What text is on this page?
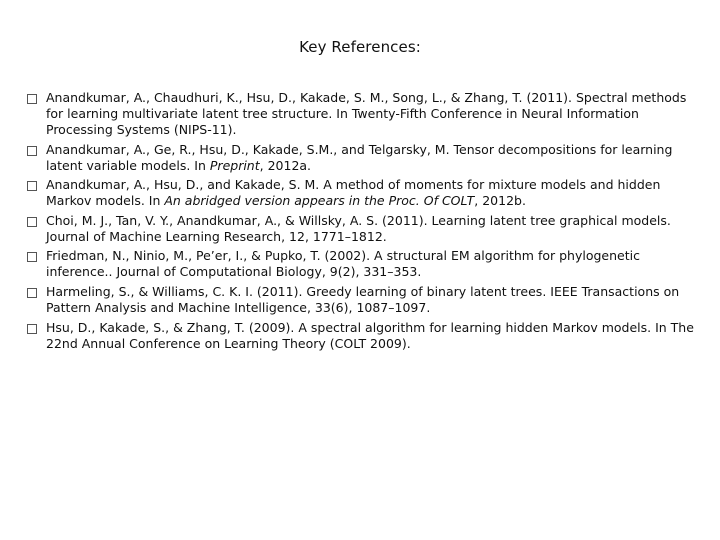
Key References:
Anandkumar, A., Chaudhuri, K., Hsu, D., Kakade, S. M., Song, L., & Zhang, T. (2011). Spectral methods for learning multivariate latent tree structure. In Twenty-Fifth Conference in Neural Information Processing Systems (NIPS-11).
Anandkumar, A., Ge, R., Hsu, D., Kakade, S.M., and Telgarsky, M. Tensor decompositions for learning latent variable models. In Preprint, 2012a.
Anandkumar, A., Hsu, D., and Kakade, S. M. A method of moments for mixture models and hidden Markov models. In An abridged version appears in the Proc. Of COLT, 2012b.
Choi, M. J., Tan, V. Y., Anandkumar, A., & Willsky, A. S. (2011). Learning latent tree graphical models. Journal of Machine Learning Research, 12, 1771–1812.
Friedman, N., Ninio, M., Pe’er, I., & Pupko, T. (2002). A structural EM algorithm for phylogenetic inference.. Journal of Computational Biology, 9(2), 331–353.
Harmeling, S., & Williams, C. K. I. (2011). Greedy learning of binary latent trees. IEEE Transactions on Pattern Analysis and Machine Intelligence, 33(6), 1087–1097.
Hsu, D., Kakade, S., & Zhang, T. (2009). A spectral algorithm for learning hidden Markov models. In The 22nd Annual Conference on Learning Theory (COLT 2009).
